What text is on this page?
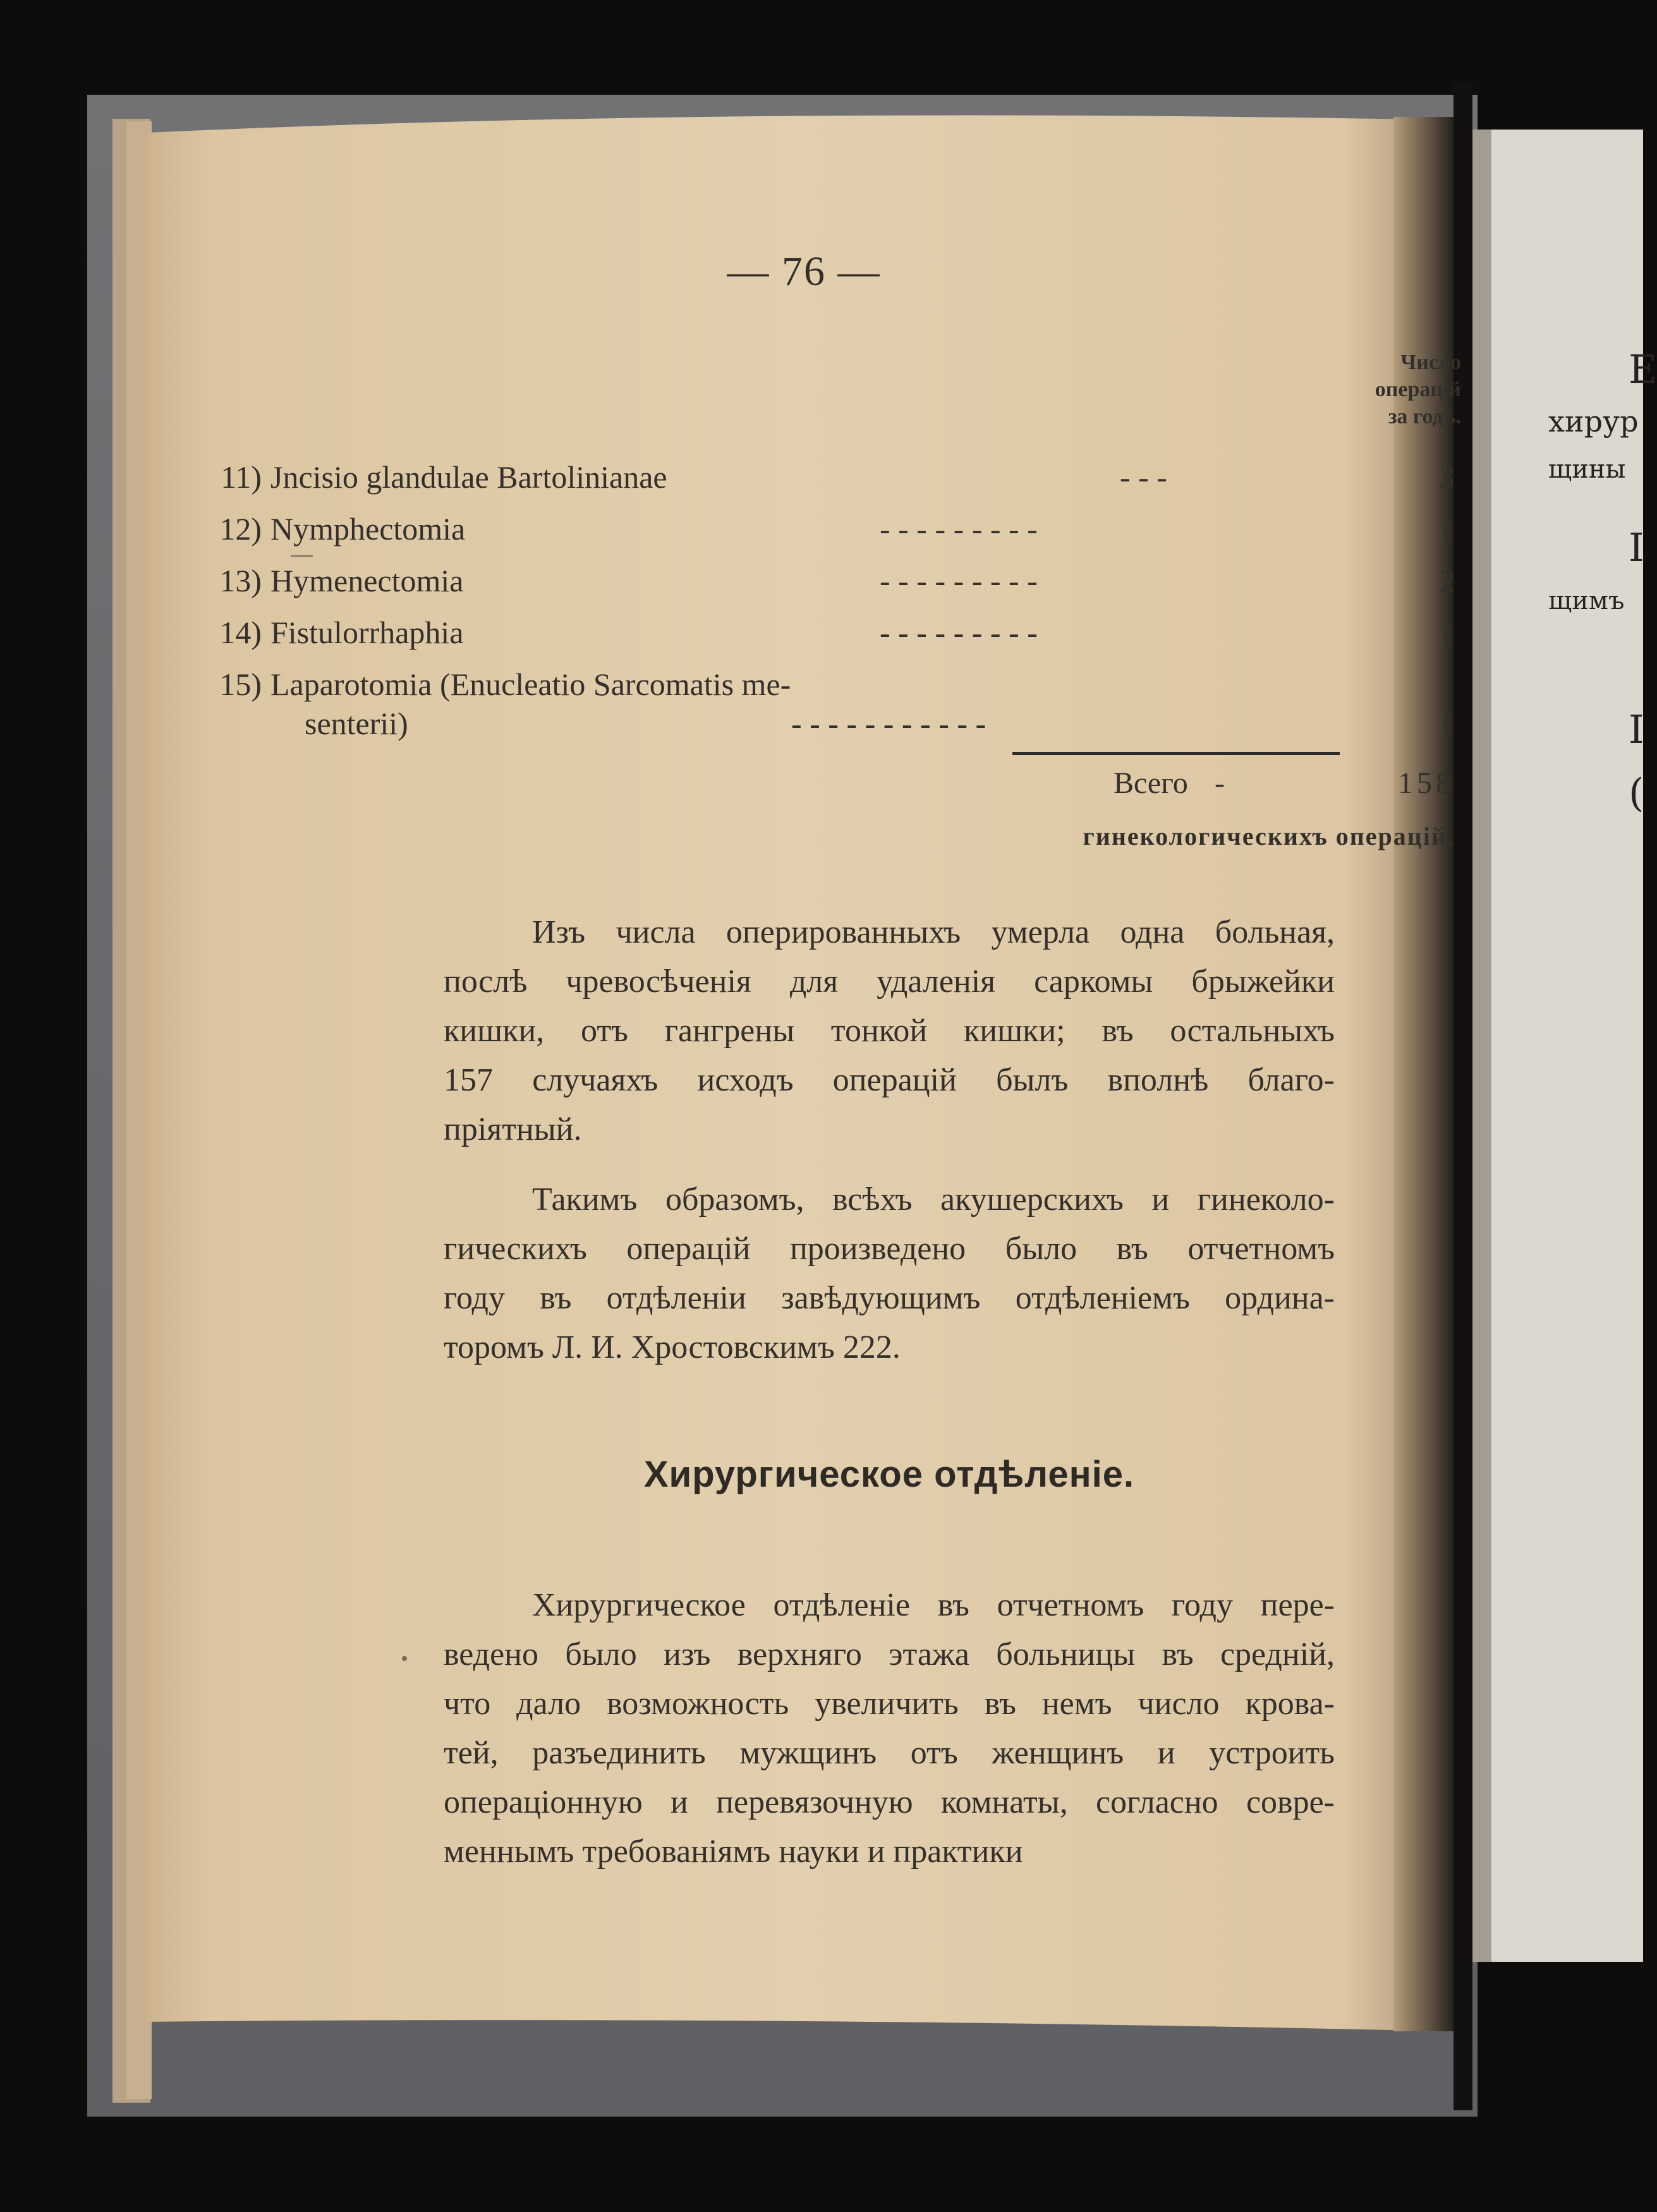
— 76 —
Число
операцій
за годъ.
11) Jncisio glandulae Bartolinianae	- - -	3
12) Nymphectomia	- - - - - - - - -	1
13) Hymenectomia	- - - - - - - - -	2
14) Fistulorrhaphia	- - - - - - - - -	1
15) Laparotomia (Enucleatio Sarcomatis me-
senterii)	- - - - - - - - - - -	1
Всего -	158
гинекологическихъ операцій.
Изъ числа оперированныхъ умерла одна больная,
послѣ чревосѣченія для удаленія саркомы брыжейки
кишки, отъ гангрены тонкой кишки; въ остальныхъ
157 случаяхъ исходъ операцій былъ вполнѣ благо-
пріятный.
Такимъ образомъ, всѣхъ акушерскихъ и гинеколо-
гическихъ операцій произведено было въ отчетномъ
году въ отдѣленіи завѣдующимъ отдѣленіемъ ордина-
торомъ Л. И. Хростовскимъ 222.
Хирургическое отдѣленіе.
Хирургическое отдѣленіе въ отчетномъ году пере-
ведено было изъ верхняго этажа больницы въ средній,
что дало возможность увеличить въ немъ число крова-
тей, разъединить мужщинъ отъ женщинъ и устроить
операціонную и перевязочную комнаты, согласно совре-
меннымъ требованіямъ науки и практики
Е
хирур
щины
І
щимъ
І
(
